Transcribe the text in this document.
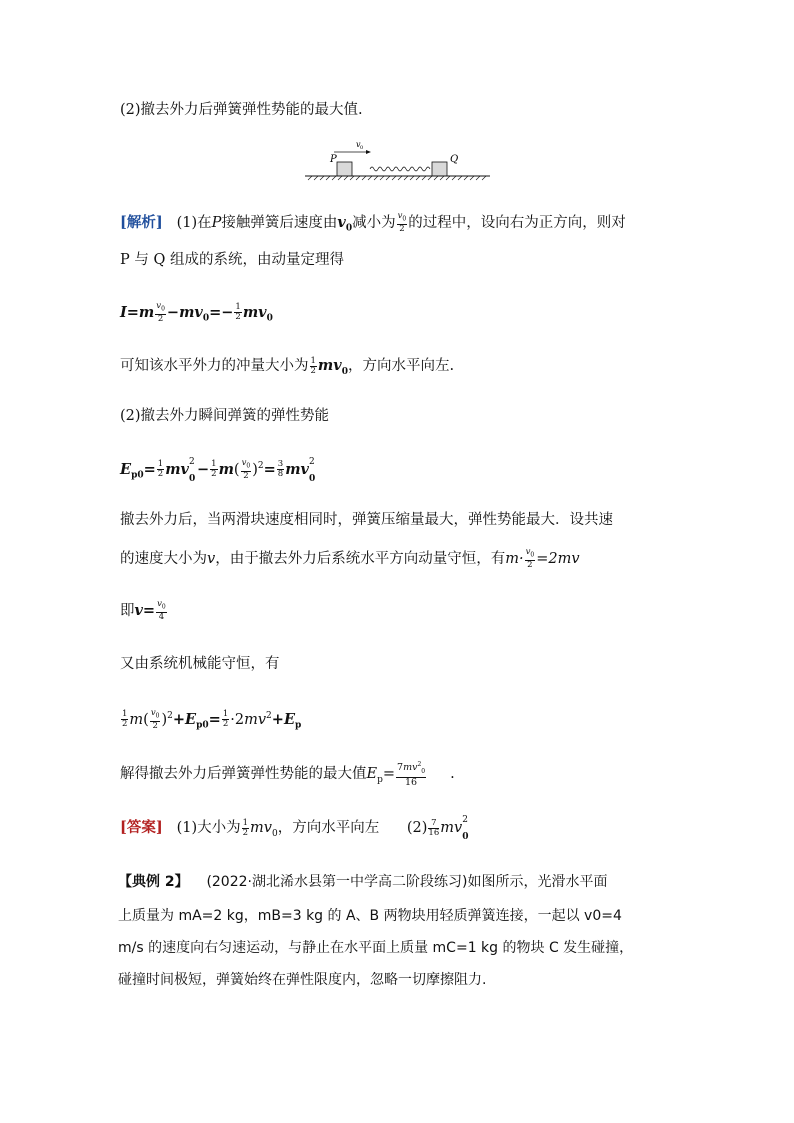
(2)撤去外力后弹簧弹性势能的最大值.
P	Q
v 0
[解析] (1)在P接触弹簧后速度由$v_0$减小为 $\frac{v_0}{2}$ 的过程中，设向右为正方向，则对
P 与 Q 组成的系统，由动量定理得
$I=m \frac{v_0}{2} -mv_0=- \frac{1}{2} mv_0$
可知该水平外力的冲量大小为 $\frac{1}{2} mv_0$，方向水平向左.
(2)撤去外力瞬间弹簧的弹性势能
$E_{p0}= \frac{1}{2}$ mv 2
0
− $\frac{1}{2} m( \frac{v_0}{2} )^2= \frac{3}{8}$ mv 2
0
撤去外力后，当两滑块速度相同时，弹簧压缩量最大，弹性势能最大．设共速
的速度大小为v，由于撤去外力后系统水平方向动量守恒，有$m\cdot \frac{v_0}{2} =2mv$
即$v= \frac{v_0}{4}$
又由系统机械能守恒，有
$\frac{1}{2} m( \frac{v_0}{2} )^2+E_{p0}= \frac{1}{2} \cdot 2mv^2+E_p$
解得撤去外力后弹簧弹性势能的最大值$E_p= \frac{7mv^2_0}{16}$ .
[答案] (1)大小为 $\frac{1}{2} mv_0$，方向水平向左 $(2) \frac{7}{16}$ mv 2
0
【典例 2】 (2022·湖北浠水县第一中学高二阶段练习)如图所示，光滑水平面
上质量为 mA=2 kg，mB=3 kg 的 A、B 两物块用轻质弹簧连接，一起以 v0=4
m/s 的速度向右匀速运动，与静止在水平面上质量 mC=1 kg 的物块 C 发生碰撞，
碰撞时间极短，弹簧始终在弹性限度内，忽略一切摩擦阻力.
